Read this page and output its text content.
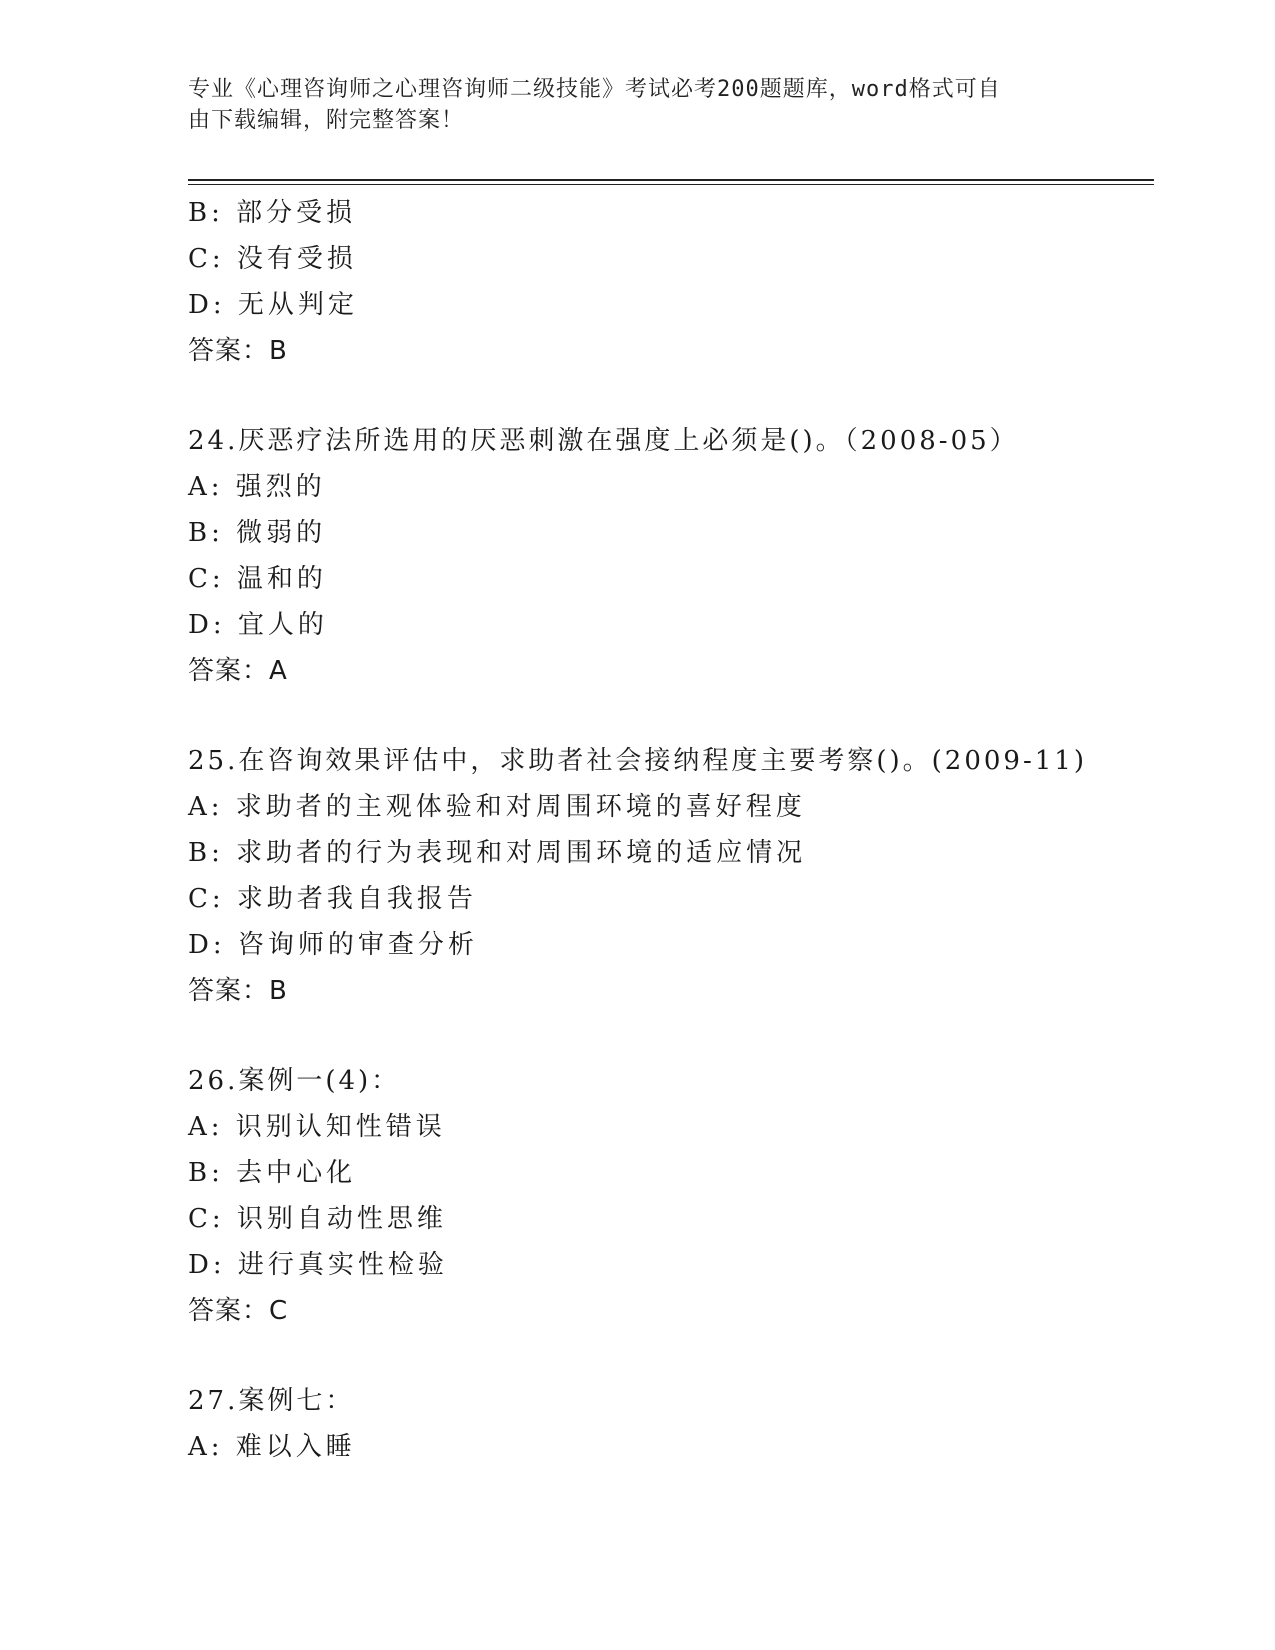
专业《心理咨询师之心理咨询师二级技能》考试必考200题题库，word格式可自
由下载编辑，附完整答案！
B: 部分受损
C: 没有受损
D: 无从判定
答案：B
24.厌恶疗法所选用的厌恶刺激在强度上必须是()。（2008-05）
A: 强烈的
B: 微弱的
C: 温和的
D: 宜人的
答案：A
25.在咨询效果评估中，求助者社会接纳程度主要考察()。(2009-11)
A: 求助者的主观体验和对周围环境的喜好程度
B: 求助者的行为表现和对周围环境的适应情况
C: 求助者我自我报告
D: 咨询师的审查分析
答案：B
26.案例一(4)：
A: 识别认知性错误
B: 去中心化
C: 识别自动性思维
D: 进行真实性检验
答案：C
27.案例七：
A: 难以入睡
